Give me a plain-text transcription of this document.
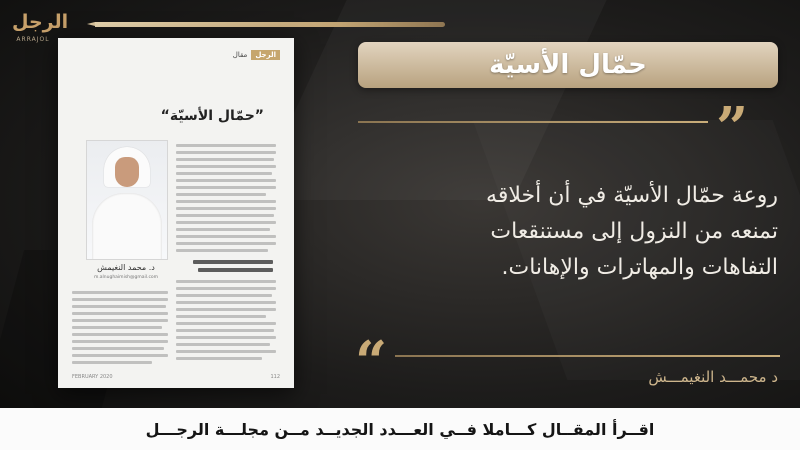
الرجل
ARRAJOL
مقال	الرجل
”حمّال الأسيّة“
د. محمد النغيمش
m.alnughaimish@gmail.com
FEBRUARY 2020	112
حمّال الأسيّة
”
روعة حمّال الأسيّة في أن أخلاقه
تمنعه من النزول إلى مستنقعات
التفاهات والمهاترات والإهانات.
“	د محمـــد النغيمـــش
اقــرأ المقــال كـــاملا فــي العـــدد الجديــد مــن مجلـــة الرجـــل
